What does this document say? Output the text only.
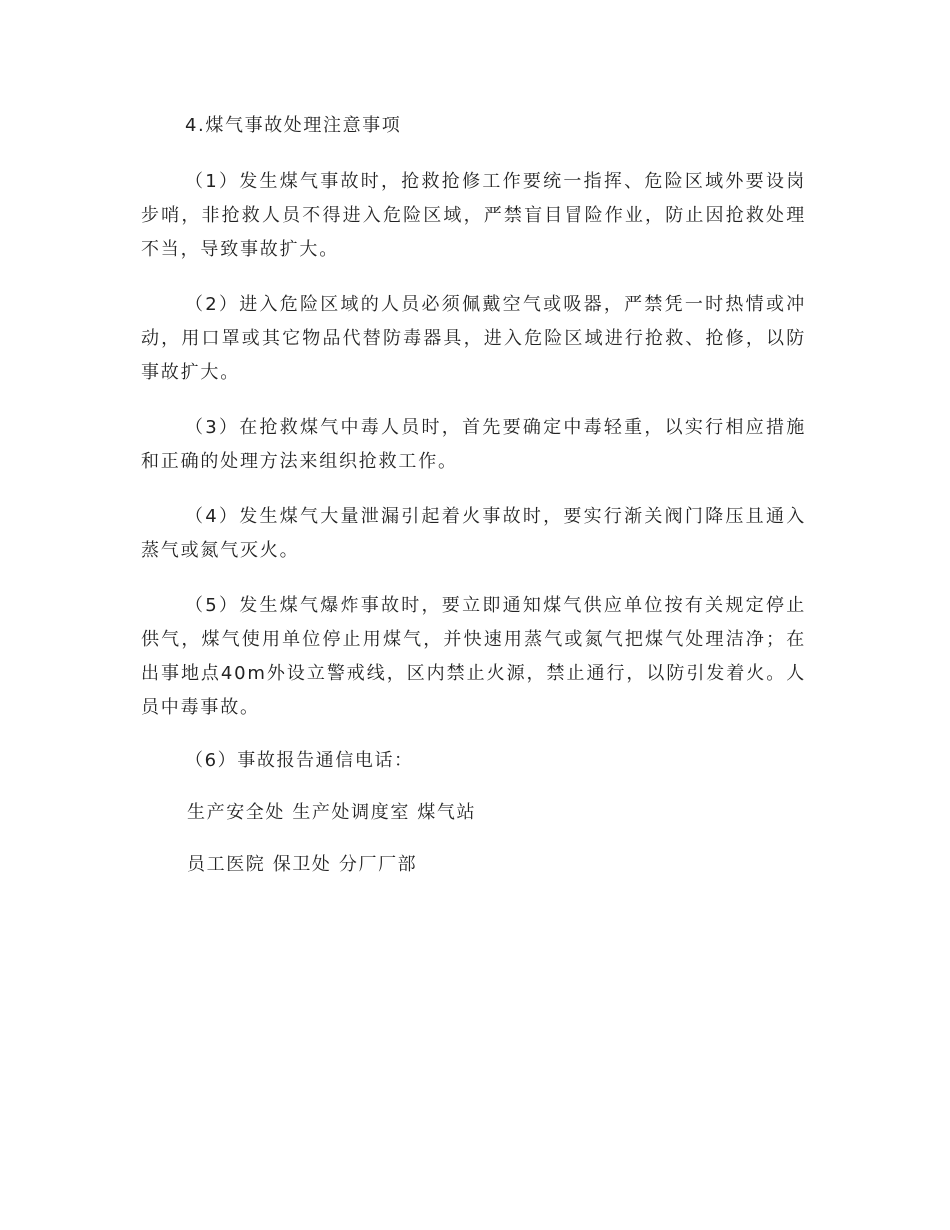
4.煤气事故处理注意事项

（1）发生煤气事故时，抢救抢修工作要统一指挥、危险区域外要设岗步哨，非抢救人员不得进入危险区域，严禁盲目冒险作业，防止因抢救处理不当，导致事故扩大。

（2）进入危险区域的人员必须佩戴空气或吸器，严禁凭一时热情或冲动，用口罩或其它物品代替防毒器具，进入危险区域进行抢救、抢修，以防事故扩大。

（3）在抢救煤气中毒人员时，首先要确定中毒轻重，以实行相应措施和正确的处理方法来组织抢救工作。

（4）发生煤气大量泄漏引起着火事故时，要实行渐关阀门降压且通入蒸气或氮气灭火。

（5）发生煤气爆炸事故时，要立即通知煤气供应单位按有关规定停止供气，煤气使用单位停止用煤气，并快速用蒸气或氮气把煤气处理洁净；在出事地点40m外设立警戒线，区内禁止火源，禁止通行，以防引发着火。人员中毒事故。

（6）事故报告通信电话：
生产安全处 生产处调度室 煤气站
员工医院 保卫处 分厂厂部
